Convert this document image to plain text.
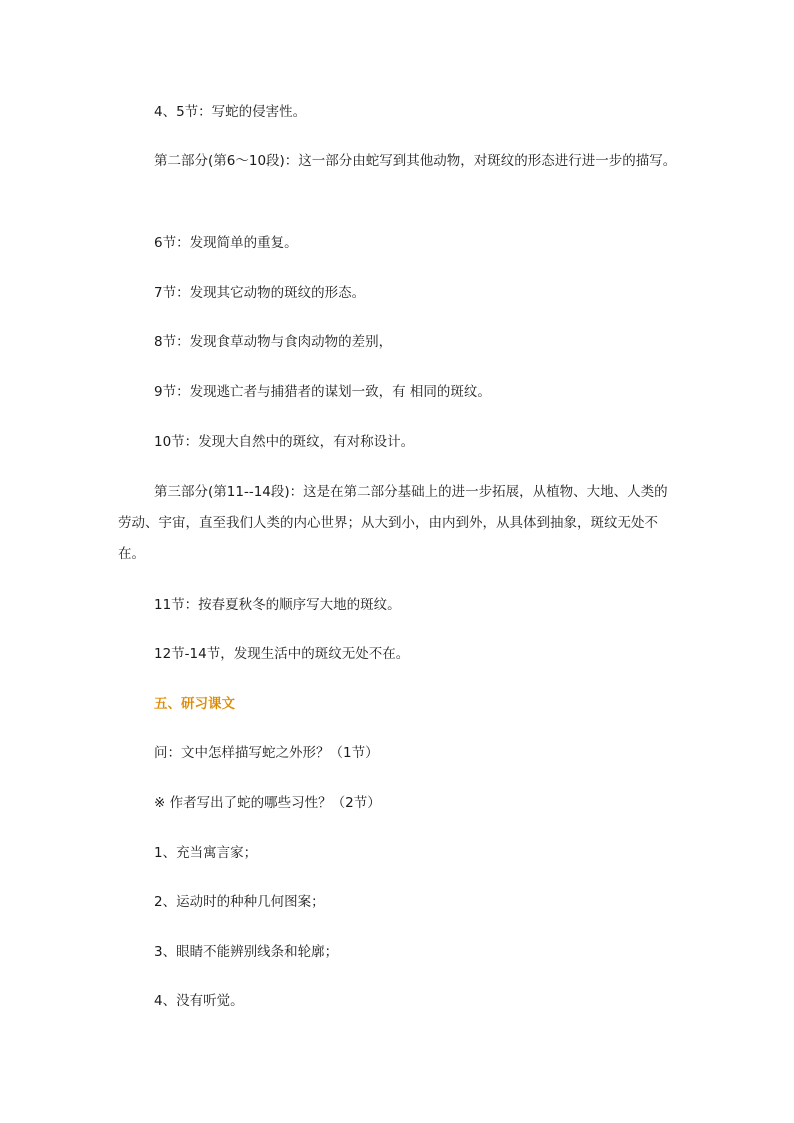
4、5节：写蛇的侵害性。

第二部分(第6～10段)：这一部分由蛇写到其他动物，对斑纹的形态进行进一步的描写。

6节：发现简单的重复。

7节：发现其它动物的斑纹的形态。

8节：发现食草动物与食肉动物的差别，

9节：发现逃亡者与捕猎者的谋划一致，有 相同的斑纹。

10节：发现大自然中的斑纹，有对称设计。

第三部分(第11--14段)：这是在第二部分基础上的进一步拓展，从植物、大地、人类的劳动、宇宙，直至我们人类的内心世界；从大到小，由内到外，从具体到抽象，斑纹无处不在。

11节：按春夏秋冬的顺序写大地的斑纹。

12节-14节，发现生活中的斑纹无处不在。

五、研习课文

问：文中怎样描写蛇之外形？（1节）

※ 作者写出了蛇的哪些习性？（2节）

1、充当寓言家；

2、运动时的种种几何图案；

3、眼睛不能辨别线条和轮廓；

4、没有听觉。
